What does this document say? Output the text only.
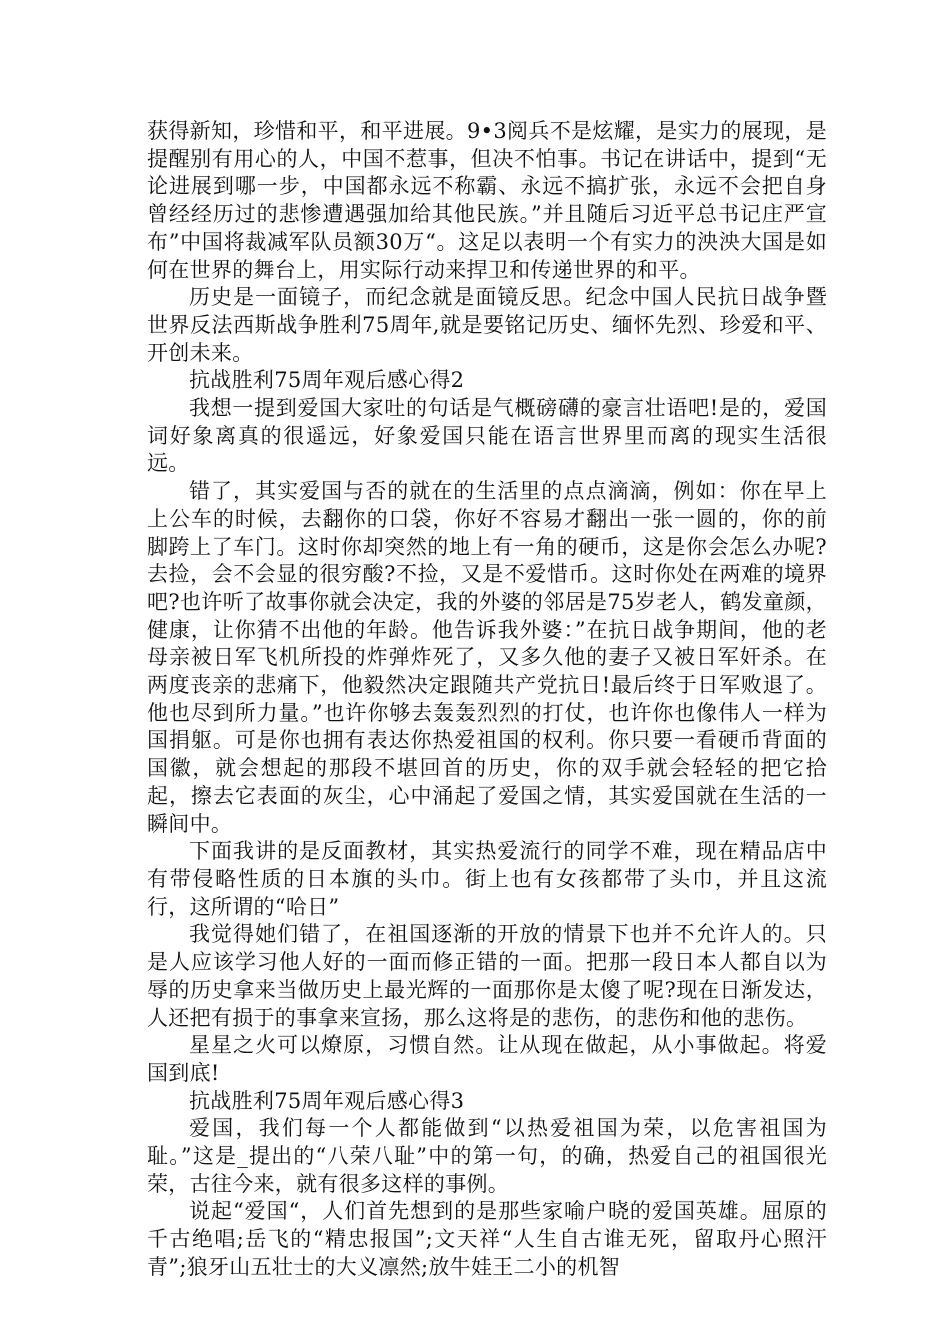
获得新知，珍惜和平，和平进展。9•3阅兵不是炫耀，是实力的展现，是提醒别有用心的人，中国不惹事，但决不怕事。书记在讲话中，提到“无论进展到哪一步，中国都永远不称霸、永远不搞扩张，永远不会把自身曾经经历过的悲惨遭遇强加给其他民族。”并且随后习近平总书记庄严宣布”中国将裁减军队员额30万“。这足以表明一个有实力的泱泱大国是如何在世界的舞台上，用实际行动来捍卫和传递世界的和平。

历史是一面镜子，而纪念就是面镜反思。纪念中国人民抗日战争暨世界反法西斯战争胜利75周年,就是要铭记历史、缅怀先烈、珍爱和平、开创未来。

抗战胜利75周年观后感心得2

我想一提到爱国大家吐的句话是气概磅礴的豪言壮语吧!是的，爱国词好象离真的很遥远，好象爱国只能在语言世界里而离的现实生活很远。

错了，其实爱国与否的就在的生活里的点点滴滴，例如：你在早上上公车的时候，去翻你的口袋，你好不容易才翻出一张一圆的，你的前脚跨上了车门。这时你却突然的地上有一角的硬币，这是你会怎么办呢?去捡，会不会显的很穷酸?不捡，又是不爱惜币。这时你处在两难的境界吧?也许听了故事你就会决定，我的外婆的邻居是75岁老人，鹤发童颜，健康，让你猜不出他的年龄。他告诉我外婆：”在抗日战争期间，他的老母亲被日军飞机所投的炸弹炸死了，又多久他的妻子又被日军奸杀。在两度丧亲的悲痛下，他毅然决定跟随共产党抗日!最后终于日军败退了。他也尽到所力量。”也许你够去轰轰烈烈的打仗，也许你也像伟人一样为国捐躯。可是你也拥有表达你热爱祖国的权利。你只要一看硬币背面的国徽，就会想起的那段不堪回首的历史，你的双手就会轻轻的把它拾起，擦去它表面的灰尘，心中涌起了爱国之情，其实爱国就在生活的一瞬间中。

下面我讲的是反面教材，其实热爱流行的同学不难，现在精品店中有带侵略性质的日本旗的头巾。街上也有女孩都带了头巾，并且这流行，这所谓的“哈日”

我觉得她们错了，在祖国逐渐的开放的情景下也并不允许人的。只是人应该学习他人好的一面而修正错的一面。把那一段日本人都自以为辱的历史拿来当做历史上最光辉的一面那你是太傻了呢?现在日渐发达，人还把有损于的事拿来宣扬，那么这将是的悲伤，的悲伤和他的悲伤。

星星之火可以燎原，习惯自然。让从现在做起，从小事做起。将爱国到底!

抗战胜利75周年观后感心得3

爱国，我们每一个人都能做到“以热爱祖国为荣，以危害祖国为耻。”这是_提出的“八荣八耻”中的第一句，的确，热爱自己的祖国很光荣，古往今来，就有很多这样的事例。

说起“爱国“，人们首先想到的是那些家喻户晓的爱国英雄。屈原的千古绝唱;岳飞的“精忠报国”;文天祥“人生自古谁无死，留取丹心照汗青”;狼牙山五壮士的大义凛然;放牛娃王二小的机智
